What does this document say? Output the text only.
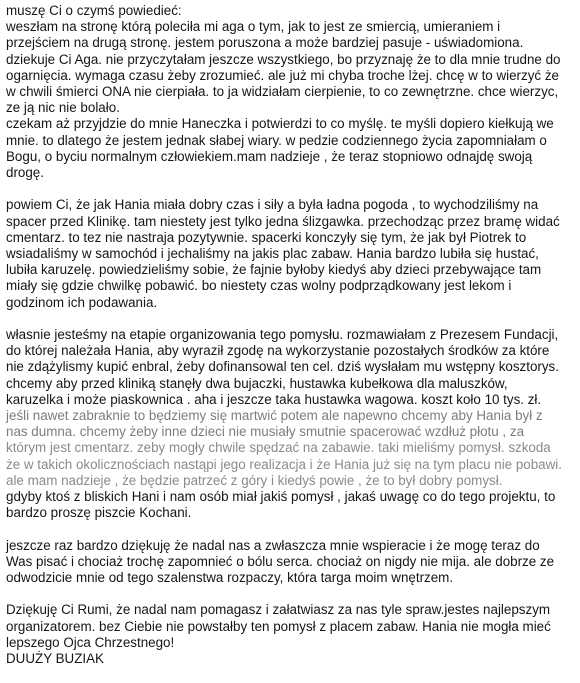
muszę Ci o czymś powiedieć:
weszłam na stronę którą poleciła mi aga o tym, jak to jest ze smiercią, umieraniem i
przejściem na drugą stronę. jestem poruszona a może bardziej pasuje - uświadomiona.
dziekuje Ci Aga. nie przyczytałam jeszcze wszystkiego, bo przyznaję że to dla mnie trudne do
ogarnięcia. wymaga czasu żeby zrozumieć. ale już mi chyba troche lżej. chcę w to wierzyć że
w chwili śmierci ONA nie cierpiała. to ja widziałam cierpienie, to co zewnętrzne. chce wierzyc,
ze ją nic nie bolało.
czekam aż przyjdzie do mnie Haneczka i potwierdzi to co myślę. te myśli dopiero kiełkują we
mnie. to dlatego że jestem jednak słabej wiary. w pedzie codziennego życia zapomniałam o
Bogu, o byciu normalnym człowiekiem.mam nadzieje , że teraz stopniowo odnajdę swoją
drogę.
powiem Ci, że jak Hania miała dobry czas i siły a była ładna pogoda , to wychodziliśmy na
spacer przed Klinikę. tam niestety jest tylko jedna ślizgawka. przechodząc przez bramę widać
cmentarz. to tez nie nastraja pozytywnie. spacerki konczyły się tym, że jak był Piotrek to
wsiadaliśmy w samochód i jechaliśmy na jakis plac zabaw. Hania bardzo lubiła się hustać,
lubiła karuzelę. powiedzieliśmy sobie, że fajnie byłoby kiedyś aby dzieci przebywające tam
miały się gdzie chwilkę pobawić. bo niestety czas wolny podprządkowany jest lekom i
godzinom ich podawania.
własnie jesteśmy na etapie organizowania tego pomysłu. rozmawiałam z Prezesem Fundacji,
do której należała Hania, aby wyraził zgodę na wykorzystanie pozostałych środków za które
nie zdążylismy kupić enbral, żeby dofinansowal ten cel. dziś wysłałam mu wstępny kosztorys.
chcemy aby przed kliniką stanęły dwa bujaczki, hustawka kubełkowa dla maluszków,
karuzelka i może piaskownica . aha i jeszcze taka hustawka wagowa. koszt koło 10 tys. zł.
jeśli nawet zabraknie to będziemy się martwić potem ale napewno chcemy aby Hania był z
nas dumna. chcemy żeby inne dzieci nie musiały smutnie spacerować wzdłuż płotu , za
którym jest cmentarz. zeby mogły chwile spędzać na zabawie. taki mieliśmy pomysł. szkoda
że w takich okolicznościach nastąpi jego realizacja i że Hania już się na tym placu nie pobawi.
ale mam nadzieje , że będzie patrzeć z góry i kiedyś powie , że to był dobry pomysł.
gdyby ktoś z bliskich Hani i nam osób miał jakiś pomysł , jakaś uwagę co do tego projektu, to
bardzo proszę piszcie Kochani.
jeszcze raz bardzo dziękuję że nadal nas a zwłaszcza mnie wspieracie i że mogę teraz do
Was pisać i chociaż trochę zapomnieć o bólu serca. chociaż on nigdy nie mija. ale dobrze ze
odwodzicie mnie od tego szalenstwa rozpaczy, która targa moim wnętrzem.
Dziękuję Ci Rumi, że nadal nam pomagasz i załatwiasz za nas tyle spraw.jestes najlepszym
organizatorem. bez Ciebie nie powstałby ten pomysł z placem zabaw. Hania nie mogła mieć
lepszego Ojca Chrzestnego!
DUUŻY BUZIAK
